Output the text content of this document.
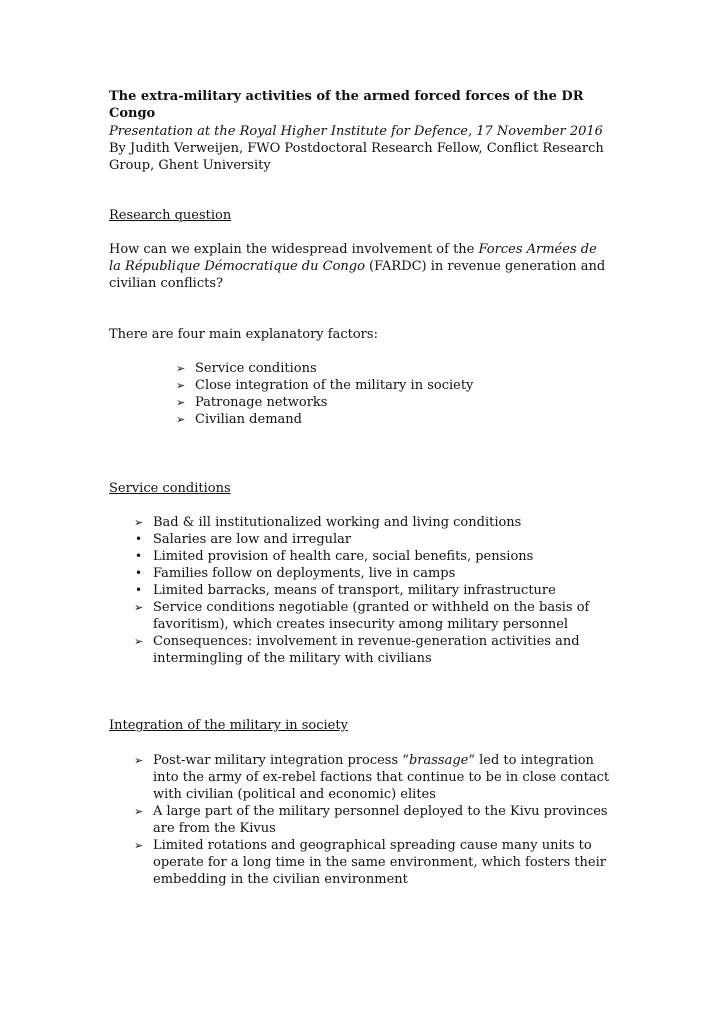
The extra-military activities of the armed forced forces of the DR Congo

Presentation at the Royal Higher Institute for Defence, 17 November 2016
By Judith Verweijen, FWO Postdoctoral Research Fellow, Conflict Research Group, Ghent University

Research question

How can we explain the widespread involvement of the Forces Armées de la République Démocratique du Congo (FARDC) in revenue generation and civilian conflicts?

There are four main explanatory factors:

➢ Service conditions
➢ Close integration of the military in society
➢ Patronage networks
➢ Civilian demand

Service conditions

➢ Bad & ill institutionalized working and living conditions
• Salaries are low and irregular
• Limited provision of health care, social benefits, pensions
• Families follow on deployments, live in camps
• Limited barracks, means of transport, military infrastructure
➢ Service conditions negotiable (granted or withheld on the basis of favoritism), which creates insecurity among military personnel
➢ Consequences: involvement in revenue-generation activities and intermingling of the military with civilians

Integration of the military in society

➢ Post-war military integration process “brassage” led to integration into the army of ex-rebel factions that continue to be in close contact with civilian (political and economic) elites
➢ A large part of the military personnel deployed to the Kivu provinces are from the Kivus
➢ Limited rotations and geographical spreading cause many units to operate for a long time in the same environment, which fosters their embedding in the civilian environment
